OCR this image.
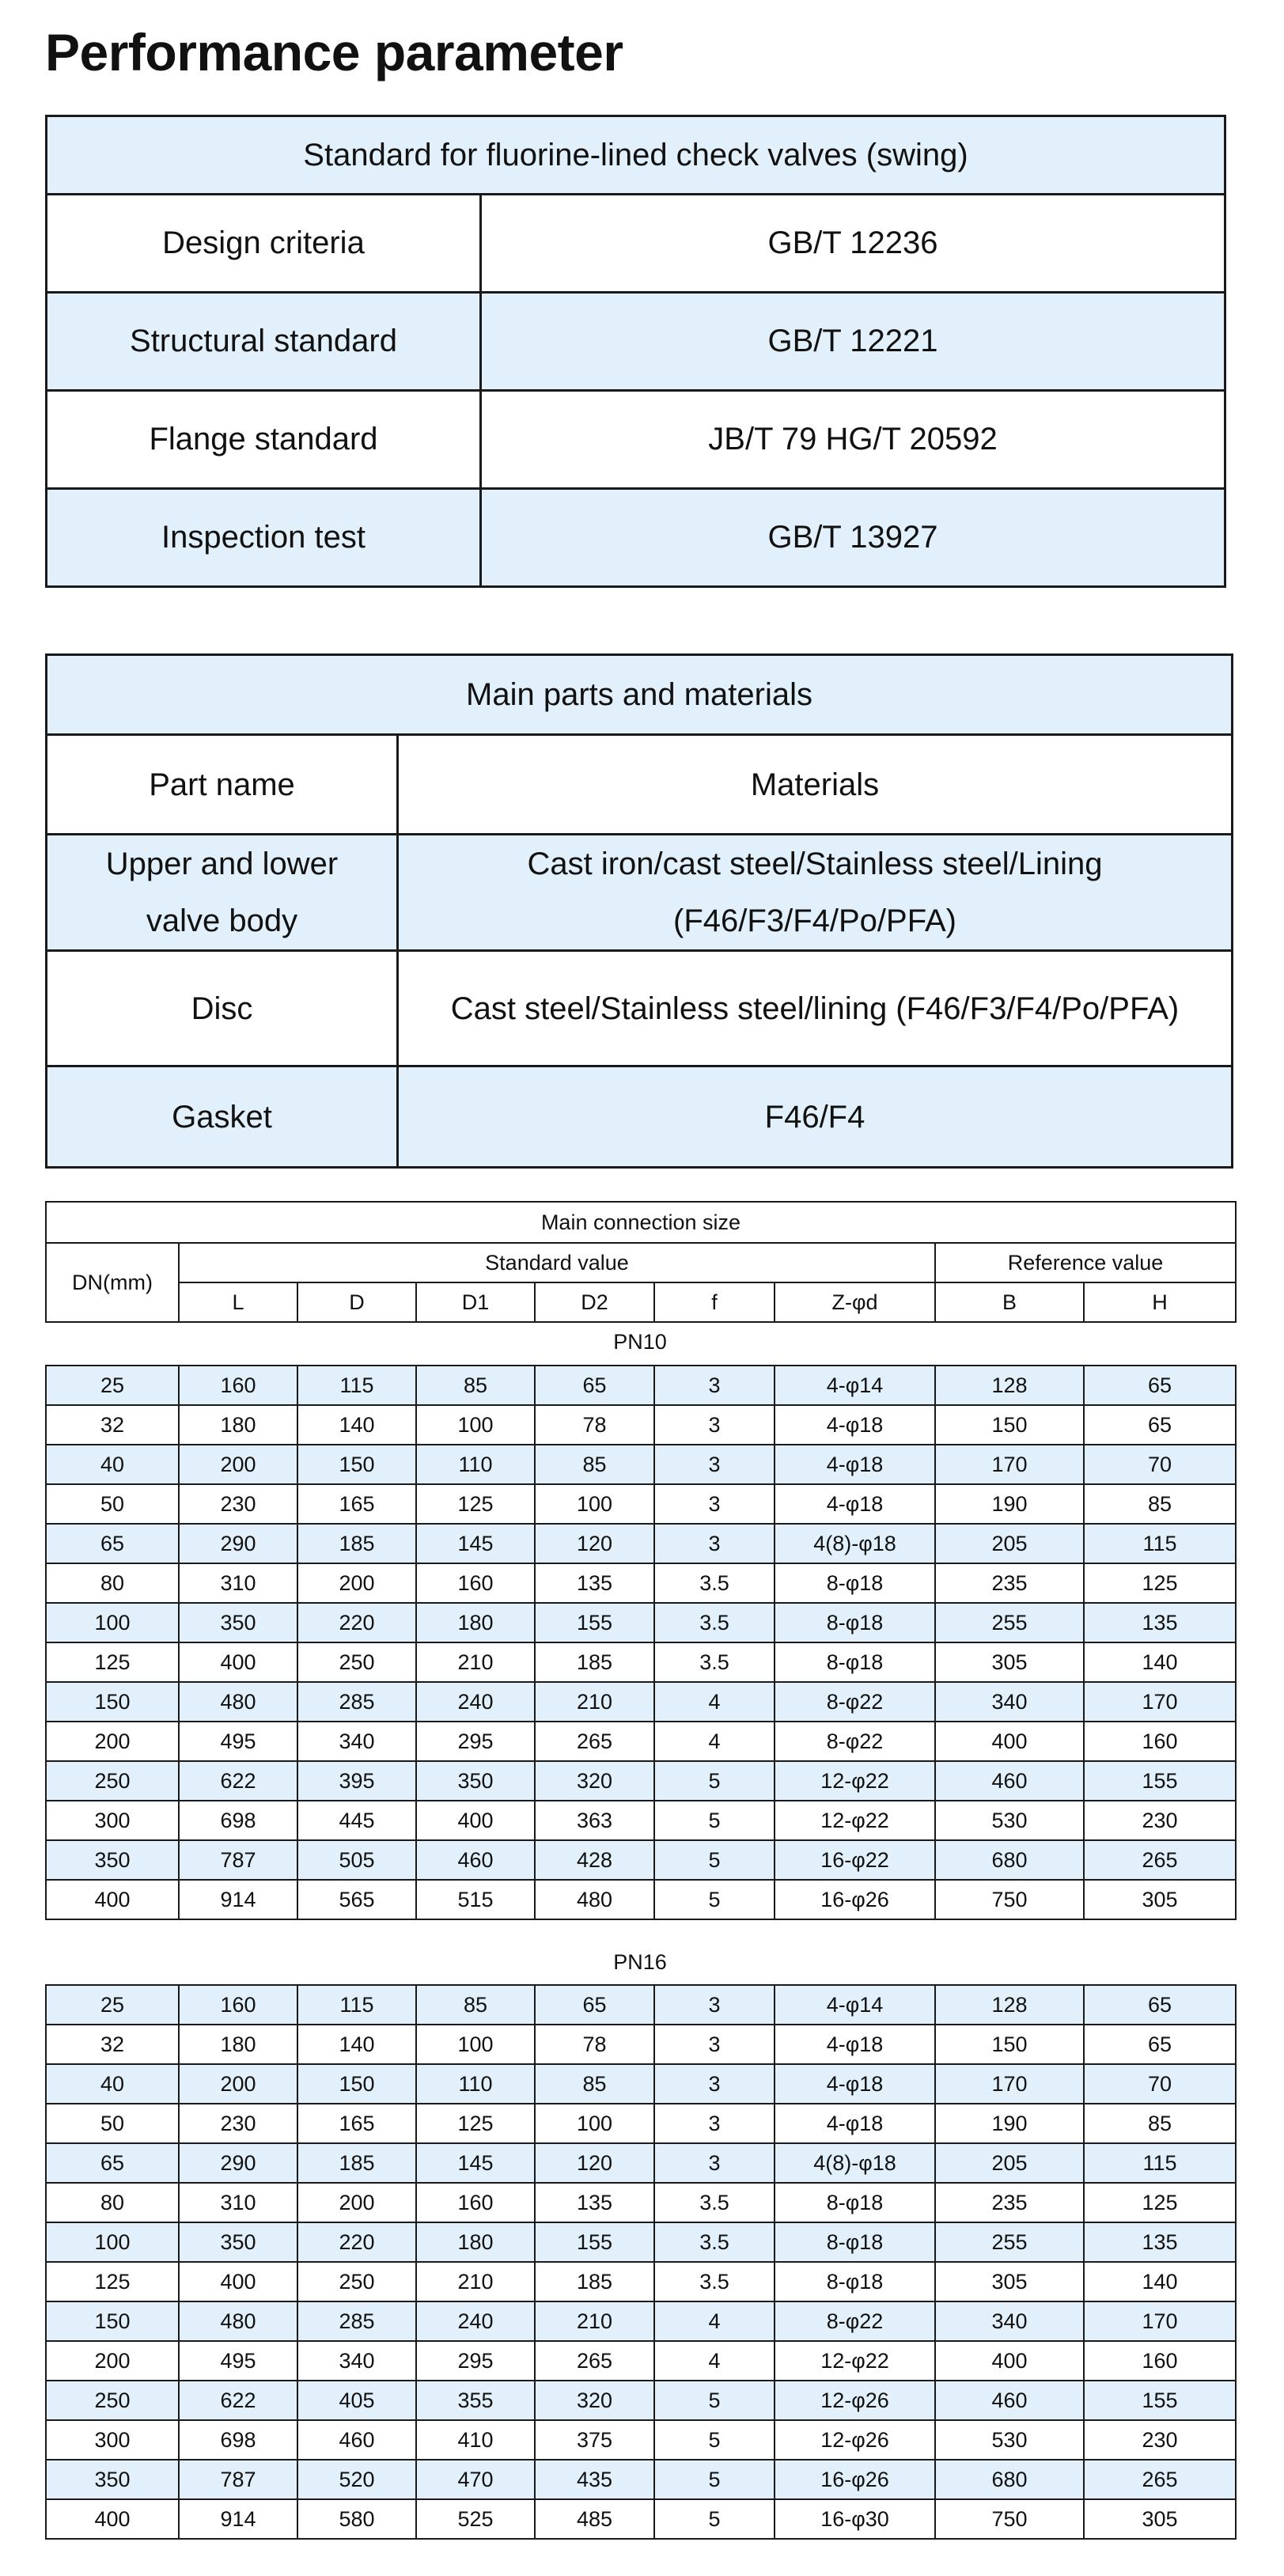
Performance parameter
Standard for fluorine-lined check valves (swing)	
Design criteria	GB/T 12236
Structural standard	GB/T 12221
Flange standard	JB/T 79 HG/T 20592
Inspection test	GB/T 13927
Main parts and materials	
Part name	Materials
Upper and lower valve body	Cast iron/cast steel/Stainless steel/Lining (F46/F3/F4/Po/PFA)
Disc	Cast steel/Stainless steel/lining (F46/F3/F4/Po/PFA)
Gasket	F46/F4
Main connection size								
DN(mm)	Standard value						Reference value	
	L	D	D1	D2	f	Z-φd	B	H
PN10
25	160	115	85	65	3	4-φ14	128	65
32	180	140	100	78	3	4-φ18	150	65
40	200	150	110	85	3	4-φ18	170	70
50	230	165	125	100	3	4-φ18	190	85
65	290	185	145	120	3	4(8)-φ18	205	115
80	310	200	160	135	3.5	8-φ18	235	125
100	350	220	180	155	3.5	8-φ18	255	135
125	400	250	210	185	3.5	8-φ18	305	140
150	480	285	240	210	4	8-φ22	340	170
200	495	340	295	265	4	8-φ22	400	160
250	622	395	350	320	5	12-φ22	460	155
300	698	445	400	363	5	12-φ22	530	230
350	787	505	460	428	5	16-φ22	680	265
400	914	565	515	480	5	16-φ26	750	305
PN16
25	160	115	85	65	3	4-φ14	128	65
32	180	140	100	78	3	4-φ18	150	65
40	200	150	110	85	3	4-φ18	170	70
50	230	165	125	100	3	4-φ18	190	85
65	290	185	145	120	3	4(8)-φ18	205	115
80	310	200	160	135	3.5	8-φ18	235	125
100	350	220	180	155	3.5	8-φ18	255	135
125	400	250	210	185	3.5	8-φ18	305	140
150	480	285	240	210	4	8-φ22	340	170
200	495	340	295	265	4	12-φ22	400	160
250	622	405	355	320	5	12-φ26	460	155
300	698	460	410	375	5	12-φ26	530	230
350	787	520	470	435	5	16-φ26	680	265
400	914	580	525	485	5	16-φ30	750	305
